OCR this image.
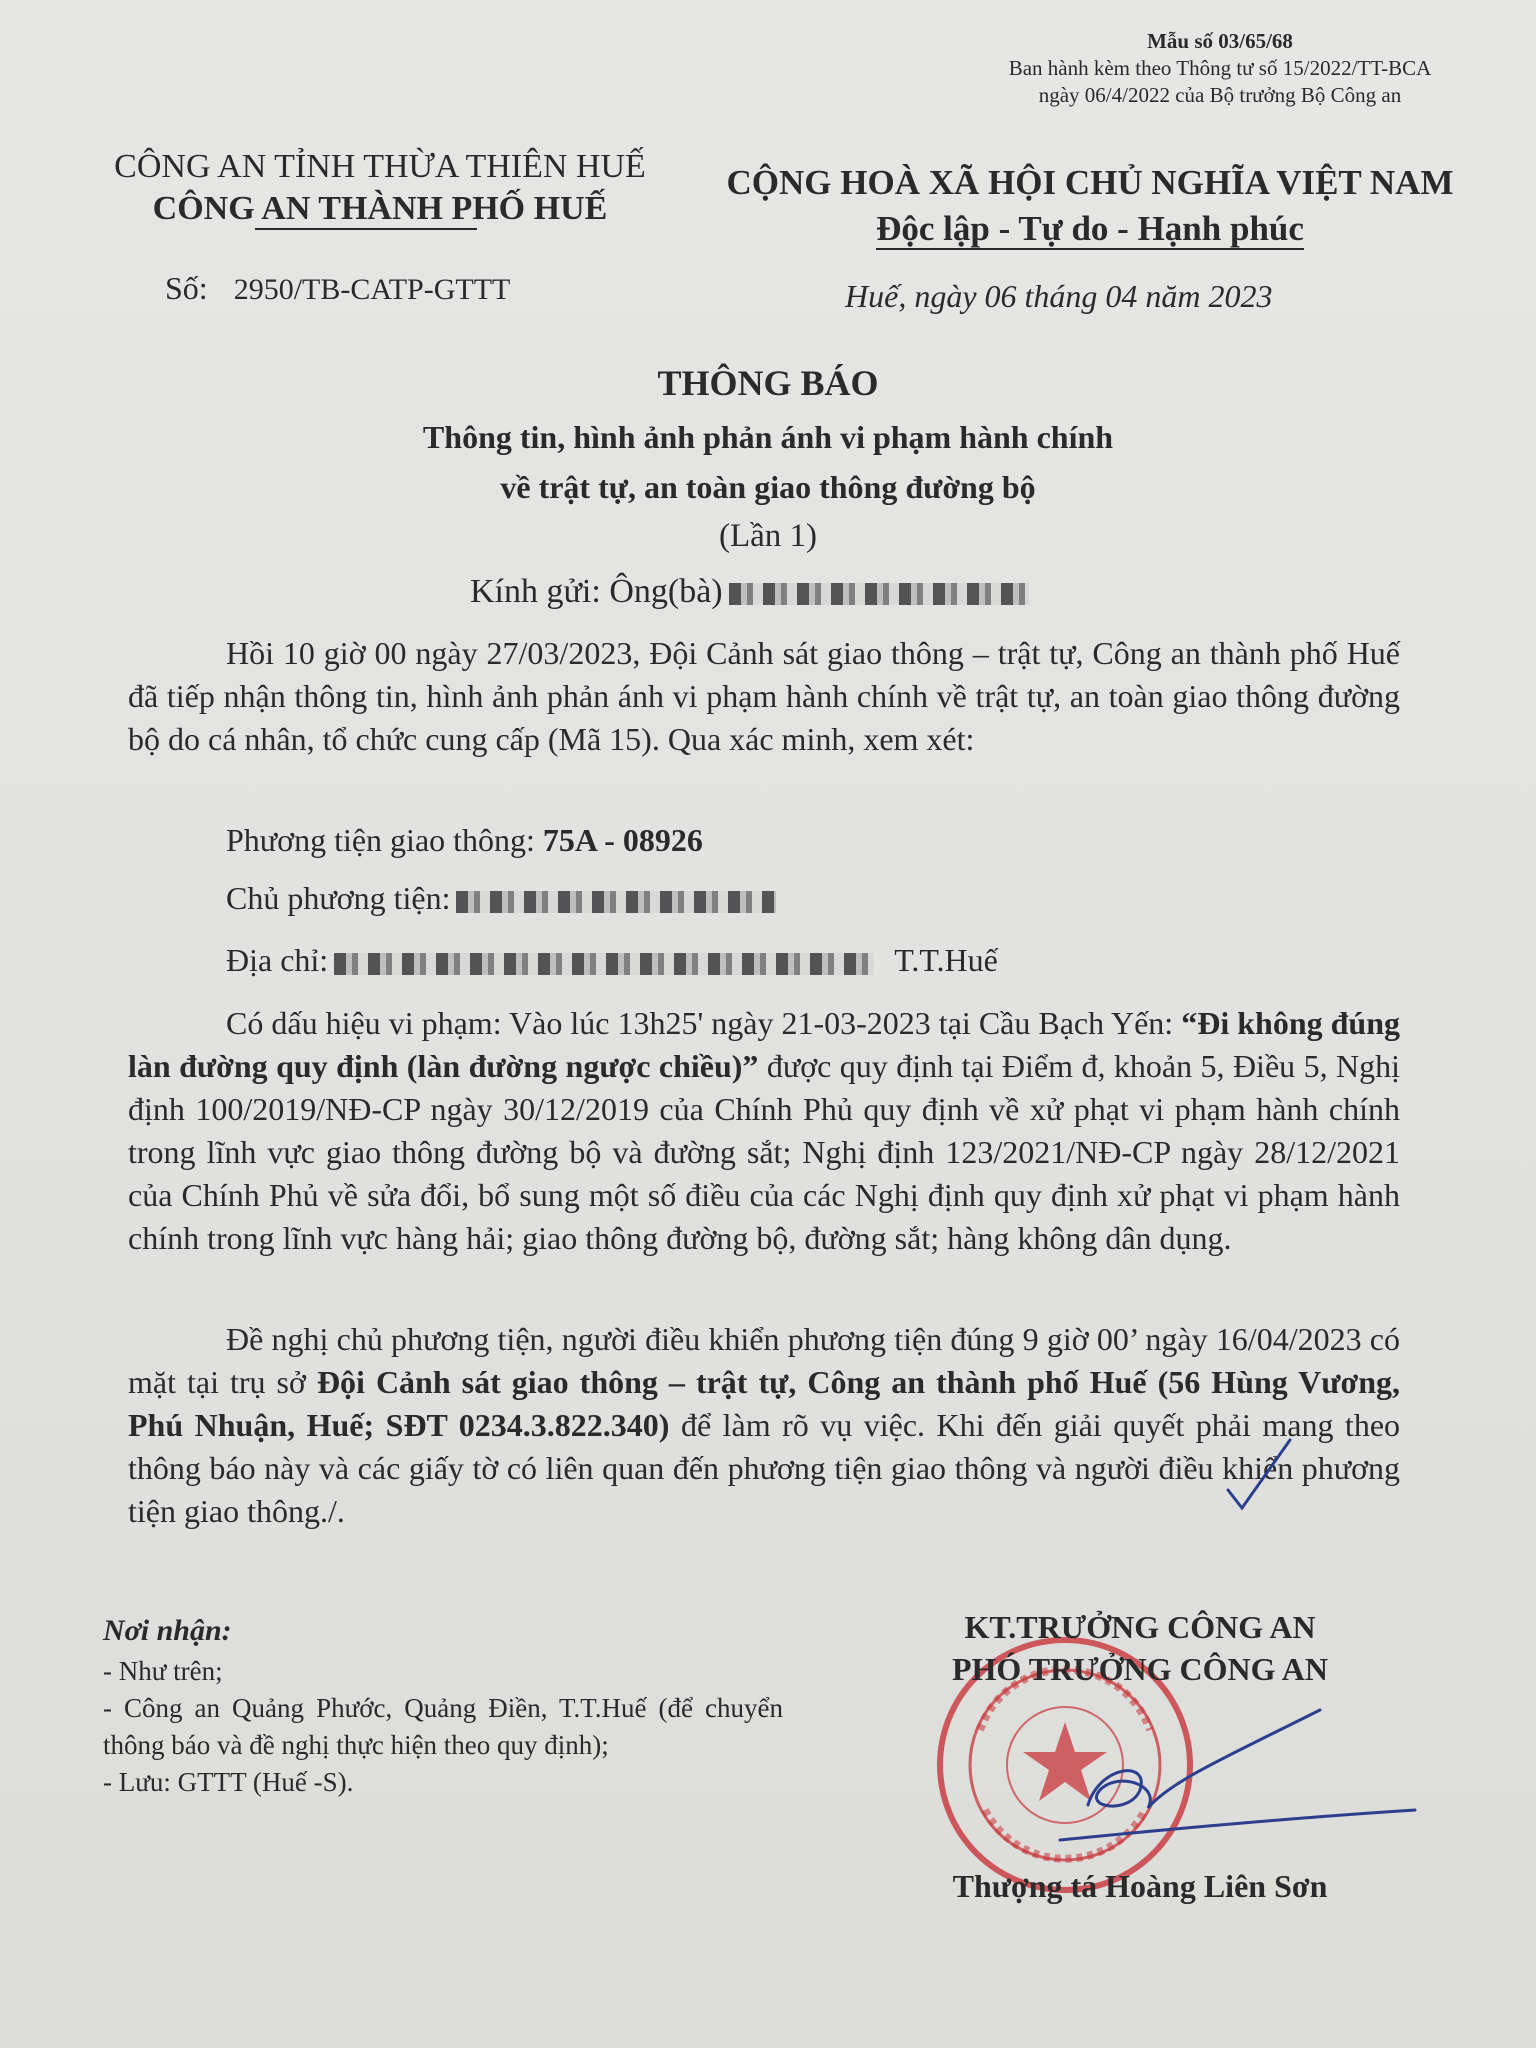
Mẫu số 03/65/68
Ban hành kèm theo Thông tư số 15/2022/TT-BCA
ngày 06/4/2022 của Bộ trưởng Bộ Công an
CÔNG AN TỈNH THỪA THIÊN HUẾ
CÔNG AN THÀNH PHỐ HUẾ
CỘNG HOÀ XÃ HỘI CHỦ NGHĨA VIỆT NAM
Độc lập - Tự do - Hạnh phúc
Số: 2950/TB-CATP-GTTT	Huế, ngày 06 tháng 04 năm 2023
THÔNG BÁO
Thông tin, hình ảnh phản ánh vi phạm hành chính
về trật tự, an toàn giao thông đường bộ
(Lần 1)
Kính gửi: Ông(bà)

Hồi 10 giờ 00 ngày 27/03/2023, Đội Cảnh sát giao thông – trật tự, Công an thành phố Huế đã tiếp nhận thông tin, hình ảnh phản ánh vi phạm hành chính về trật tự, an toàn giao thông đường bộ do cá nhân, tổ chức cung cấp (Mã 15). Qua xác minh, xem xét:

Phương tiện giao thông: 75A - 08926
Chủ phương tiện:
Địa chỉ:	T.T.Huế

Có dấu hiệu vi phạm: Vào lúc 13h25' ngày 21-03-2023 tại Cầu Bạch Yến: “Đi không đúng làn đường quy định (làn đường ngược chiều)” được quy định tại Điểm đ, khoản 5, Điều 5, Nghị định 100/2019/NĐ-CP ngày 30/12/2019 của Chính Phủ quy định về xử phạt vi phạm hành chính trong lĩnh vực giao thông đường bộ và đường sắt; Nghị định 123/2021/NĐ-CP ngày 28/12/2021 của Chính Phủ về sửa đổi, bổ sung một số điều của các Nghị định quy định xử phạt vi phạm hành chính trong lĩnh vực hàng hải; giao thông đường bộ, đường sắt; hàng không dân dụng.

Đề nghị chủ phương tiện, người điều khiển phương tiện đúng 9 giờ 00’ ngày 16/04/2023 có mặt tại trụ sở Đội Cảnh sát giao thông – trật tự, Công an thành phố Huế (56 Hùng Vương, Phú Nhuận, Huế; SĐT 0234.3.822.340) để làm rõ vụ việc. Khi đến giải quyết phải mang theo thông báo này và các giấy tờ có liên quan đến phương tiện giao thông và người điều khiển phương tiện giao thông./.

Nơi nhận:
- Như trên;
- Công an Quảng Phước, Quảng Điền, T.T.Huế (để chuyển thông báo và đề nghị thực hiện theo quy định);
- Lưu: GTTT (Huế -S).
KT.TRƯỞNG CÔNG AN
PHÓ TRƯỞNG CÔNG AN
Thượng tá Hoàng Liên Sơn
